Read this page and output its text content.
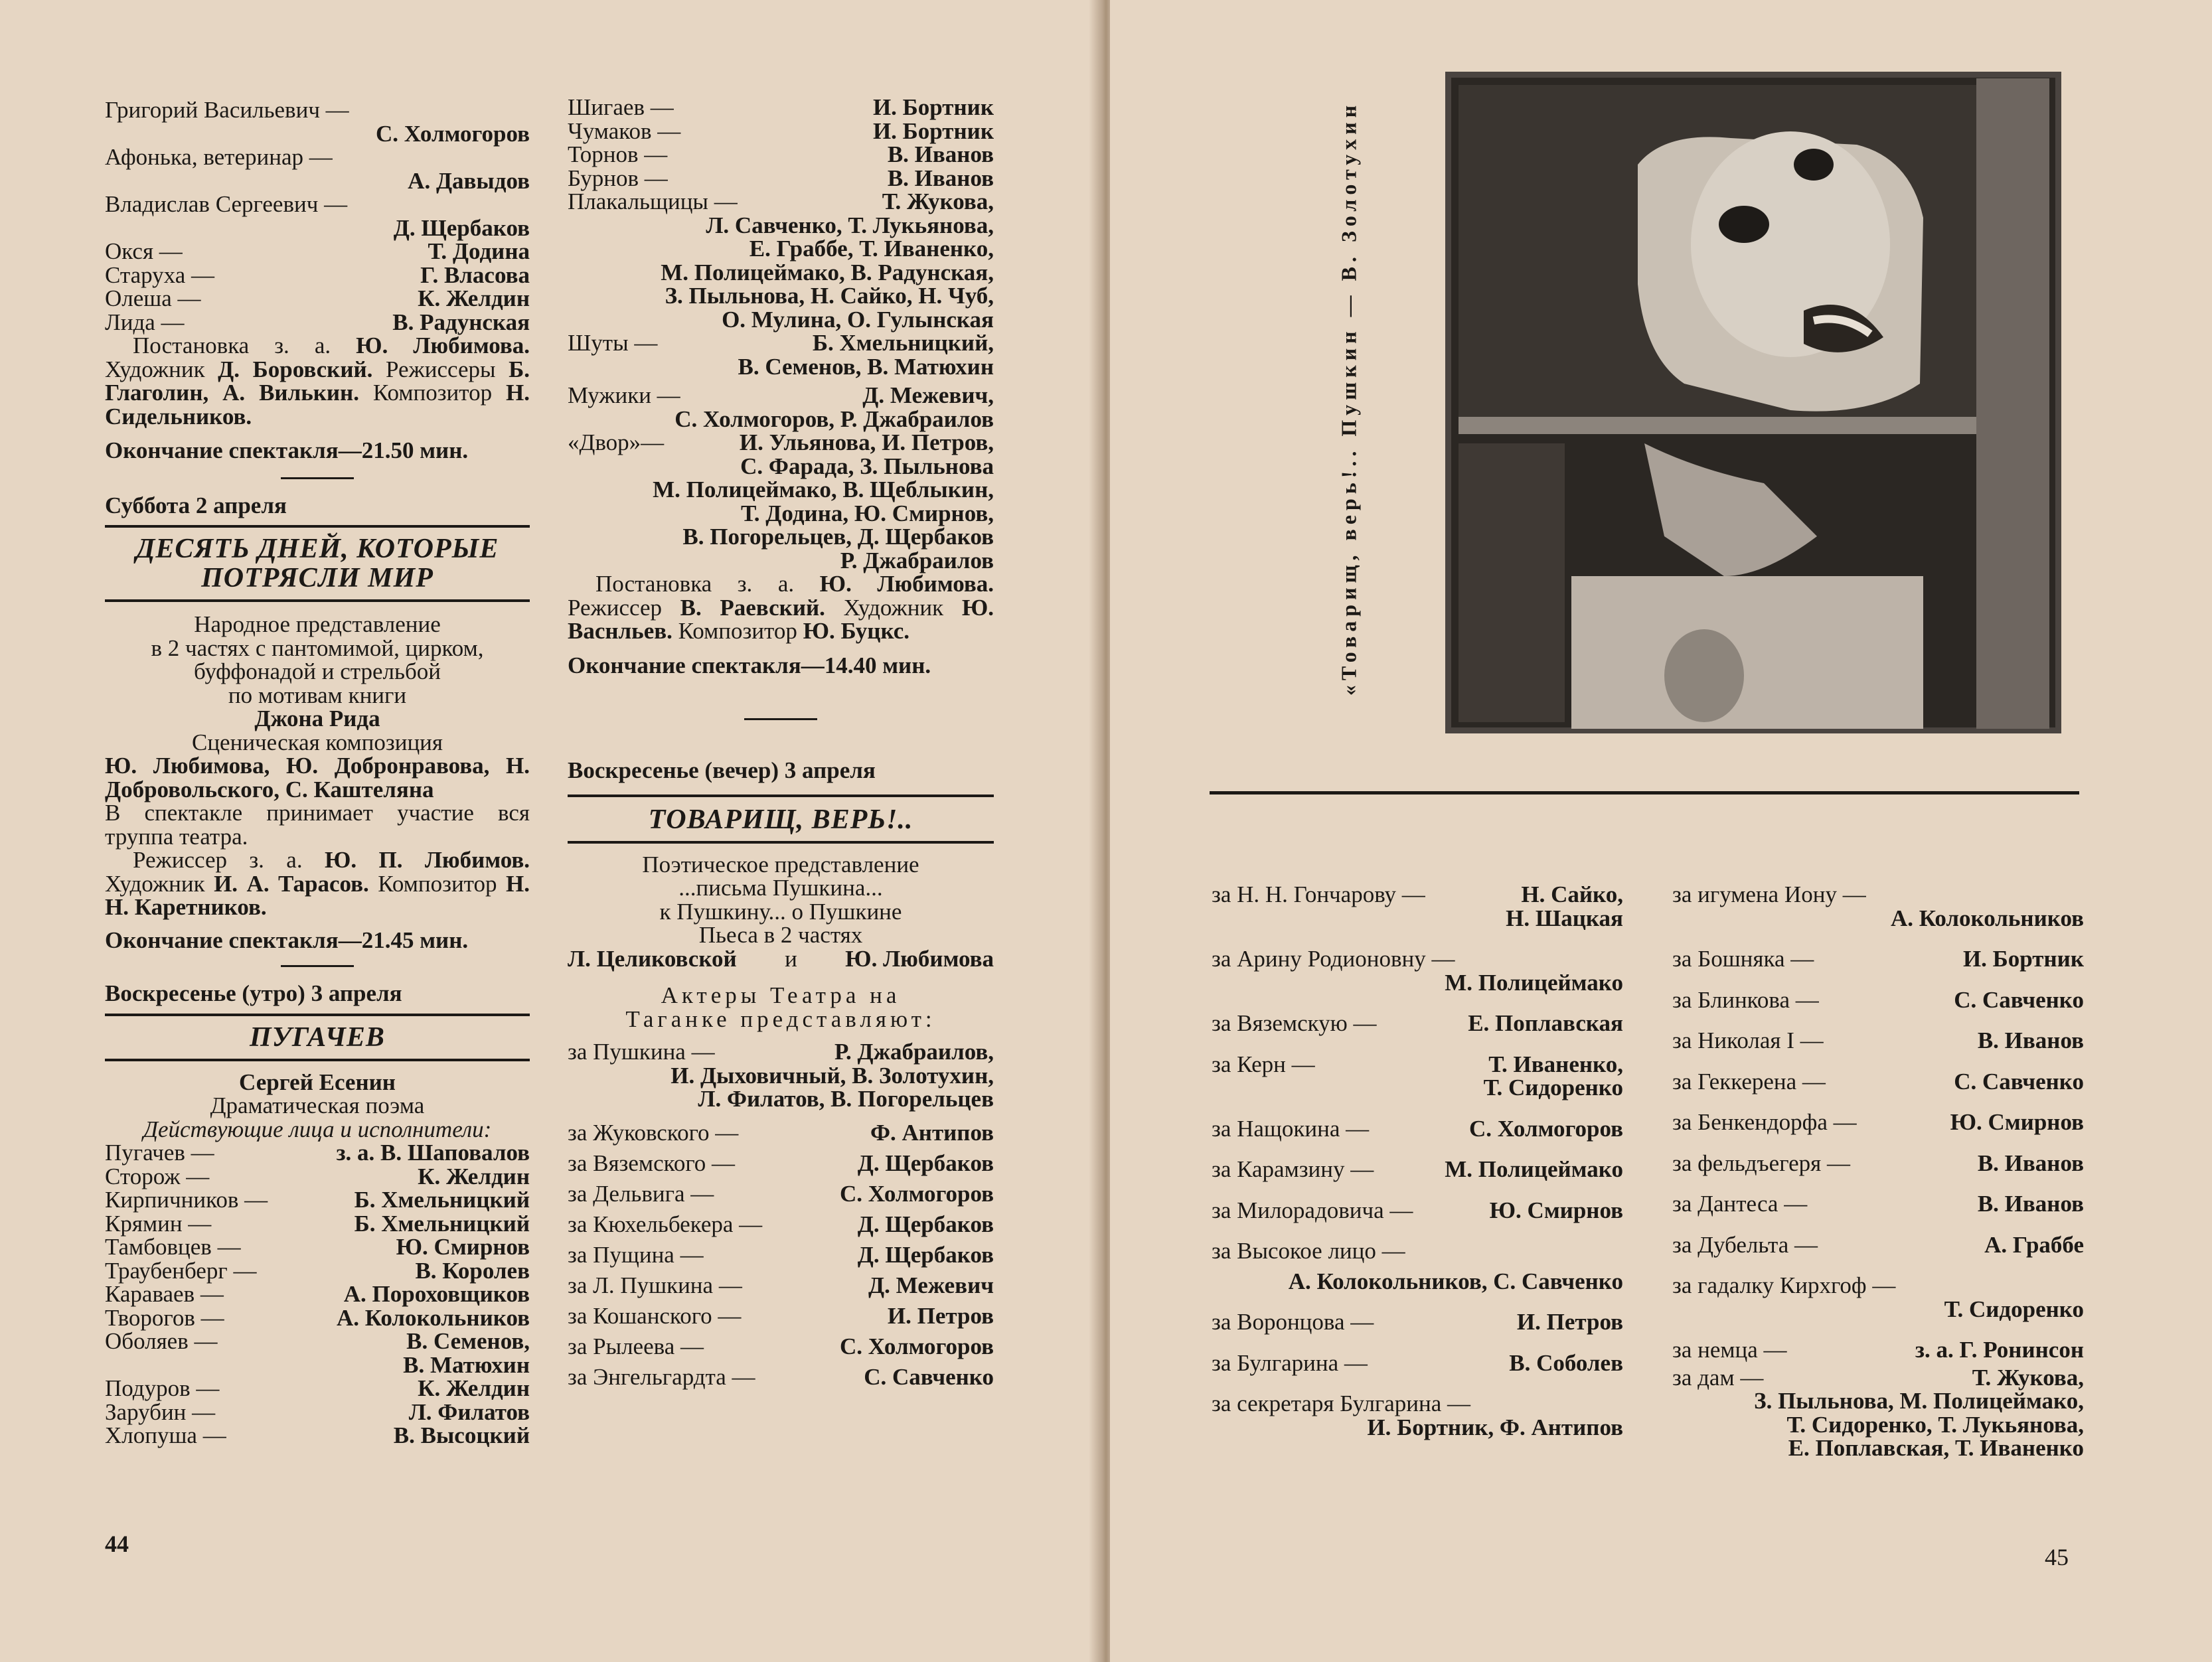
Григорий Васильевич —
С. Холмогоров
Афонька, ветеринар —
А. Давыдов
Владислав Сергеевич —
Д. Щербаков
Окся —	Т. Додина
Старуха —	Г. Власова
Олеша —	К. Желдин
Лида —	В. Радунская
Постановка з. а. Ю. Любимова. Художник Д. Боровский. Режиссеры Б. Глаголин, А. Вилькин. Композитор Н. Сидельников.
Окончание спектакля—21.50 мин.
Суббота 2 апреля
ДЕСЯТЬ ДНЕЙ, КОТОРЫЕ ПОТРЯСЛИ МИР
Народное представление
в 2 частях с пантомимой, цирком,
буффонадой и стрельбой
по мотивам книги
Джона Рида
Сценическая композиция
Ю. Любимова, Ю. Добронравова, Н. Добровольского, С. Каштеляна
В спектакле принимает участие вся труппа театра.
Режиссер з. а. Ю. П. Любимов. Художник И. А. Тарасов. Композитор Н. Н. Каретников.
Окончание спектакля—21.45 мин.
Воскресенье (утро) 3 апреля
ПУГАЧЕВ
Сергей Есенин
Драматическая поэма
Действующие лица и исполнители:
Пугачев —	з. а. В. Шаповалов
Сторож —	К. Желдин
Кирпичников —	Б. Хмельницкий
Крямин —	Б. Хмельницкий
Тамбовцев —	Ю. Смирнов
Траубенберг —	В. Королев
Караваев —	А. Пороховщиков
Творогов —	А. Колокольников
Оболяев —	В. Семенов,
В. Матюхин
Подуров —	К. Желдин
Зарубин —	Л. Филатов
Хлопуша —	В. Высоцкий
Шигаев —	И. Бортник
Чумаков —	И. Бортник
Торнов —	В. Иванов
Бурнов —	В. Иванов
Плакальщицы —	Т. Жукова,
Л. Савченко, Т. Лукьянова,
Е. Граббе, Т. Иваненко,
М. Полицеймако, В. Радунская,
З. Пыльнова, Н. Сайко, Н. Чуб,
О. Мулина, О. Гулынская
Шуты —	Б. Хмельницкий,
В. Семенов, В. Матюхин
Мужики —	Д. Межевич,
С. Холмогоров, Р. Джабраилов
«Двор»—	И. Ульянова, И. Петров,
С. Фарада, З. Пыльнова
М. Полицеймако, В. Щеблыкин,
Т. Додина, Ю. Смирнов,
В. Погорельцев, Д. Щербаков
Р. Джабраилов
Постановка з. а. Ю. Любимова. Режиссер В. Раевский. Художник Ю. Васнльев. Композитор Ю. Буцкс.
Окончание спектакля—14.40 мин.
Воскресенье (вечер) 3 апреля
ТОВАРИЩ, ВЕРЬ!..
Поэтическое представление
...письма Пушкина...
к Пушкину... о Пушкине
Пьеса в 2 частях
Л. Целиковской и Ю. Любимова
Актеры Театра на
Таганке представляют:
за Пушкина —	Р. Джабраилов,
И. Дыховичный, В. Золотухин,
Л. Филатов, В. Погорельцев
за Жуковского —	Ф. Антипов
за Вяземского —	Д. Щербаков
за Дельвига —	С. Холмогоров
за Кюхельбекера —	Д. Щербаков
за Пущина —	Д. Щербаков
за Л. Пушкина —	Д. Межевич
за Кошанского —	И. Петров
за Рылеева —	С. Холмогоров
за Энгельгардта —	С. Савченко
44
«Товарищ, верь!.. Пушкин — В. Золотухин
за Н. Н. Гончарову —	Н. Сайко,
Н. Шацкая
за Арину Родионовну —
М. Полицеймако
за Вяземскую —	Е. Поплавская
за Керн —	Т. Иваненко,
Т. Сидоренко
за Нащокина —	С. Холмогоров
за Карамзину —	М. Полицеймако
за Милорадовича —	Ю. Смирнов
за Высокое лицо —
А. Колокольников, С. Савченко
за Воронцова —	И. Петров
за Булгарина —	В. Соболев
за секретаря Булгарина —
И. Бортник, Ф. Антипов
за игумена Иону —
А. Колокольников
за Бошняка —	И. Бортник
за Блинкова —	С. Савченко
за Николая I —	В. Иванов
за Геккерена —	С. Савченко
за Бенкендорфа —	Ю. Смирнов
за фельдъегеря —	В. Иванов
за Дантеса —	В. Иванов
за Дубельта —	А. Граббе
за гадалку Кирхгоф —
Т. Сидоренко
за немца —	з. а. Г. Ронинсон
за дам —	Т. Жукова,
З. Пыльнова, М. Полицеймако,
Т. Сидоренко, Т. Лукьянова,
Е. Поплавская, Т. Иваненко
45
